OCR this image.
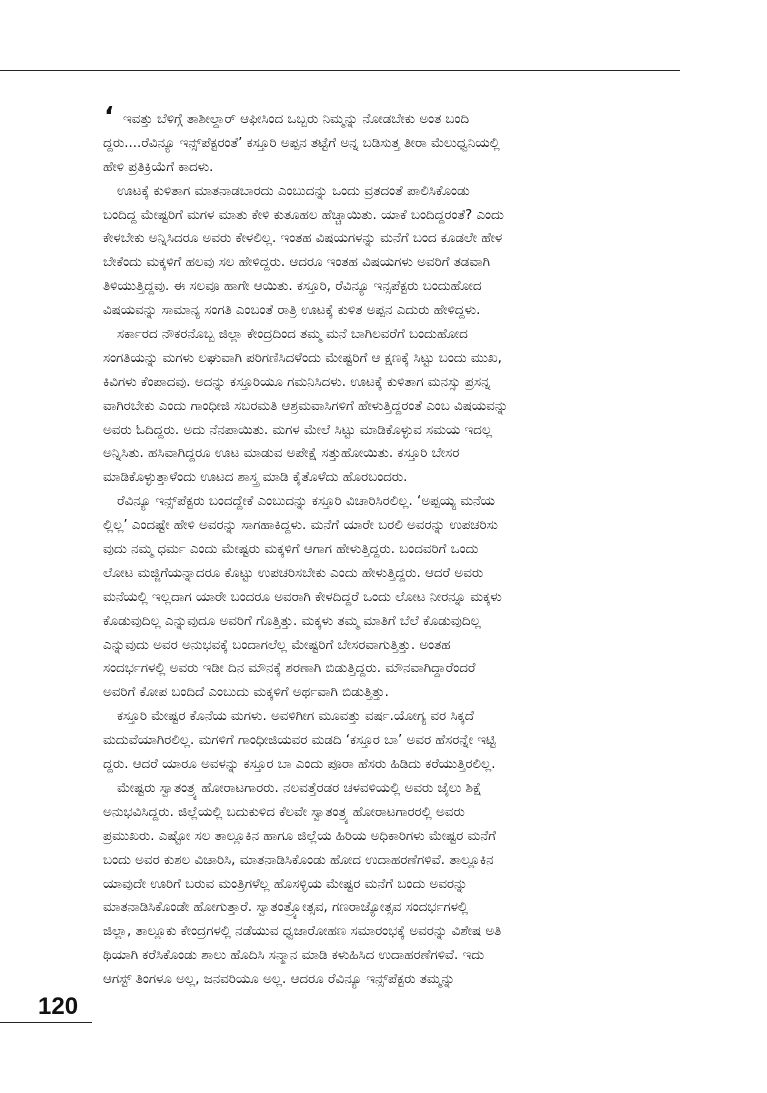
‘ ಇವತ್ತು ಬೆಳಿಗ್ಗೆ ತಾಶೀಲ್ದಾರ್ ಆಫೀಸಿಂದ ಒಬ್ಬರು ನಿಮ್ಮನ್ನು ನೋಡಬೇಕು ಅಂತ ಬಂದಿ
ದ್ದರು....ರೆವಿನ್ಯೂ ಇನ್ಸ್‌ಪೆಕ್ಟರಂತೆ’ ಕಸ್ತೂರಿ ಅಪ್ಪನ ತಟ್ಟೆಗೆ ಅನ್ನ ಬಡಿಸುತ್ತ ತೀರಾ ಮೆಲುಧ್ವನಿಯಲ್ಲಿ
ಹೇಳಿ ಪ್ರತಿಕ್ರಿಯೆಗೆ ಕಾದಳು.
ಊಟಕ್ಕೆ ಕುಳಿತಾಗ ಮಾತನಾಡಬಾರದು ಎಂಬುದನ್ನು ಒಂದು ವ್ರತದಂತೆ ಪಾಲಿಸಿಕೊಂಡು
ಬಂದಿದ್ದ ಮೇಷ್ಟರಿಗೆ ಮಗಳ ಮಾತು ಕೇಳಿ ಕುತೂಹಲ ಹೆಚ್ಚಾಯಿತು. ಯಾಕೆ ಬಂದಿದ್ದರಂತೆ? ಎಂದು
ಕೇಳಬೇಕು ಅನ್ನಿಸಿದರೂ ಅವರು ಕೇಳಲಿಲ್ಲ. ಇಂತಹ ವಿಷಯಗಳನ್ನು ಮನೆಗೆ ಬಂದ ಕೂಡಲೇ ಹೇಳ
ಬೇಕೆಂದು ಮಕ್ಕಳಿಗೆ ಹಲವು ಸಲ ಹೇಳಿದ್ದರು. ಆದರೂ ಇಂತಹ ವಿಷಯಗಳು ಅವರಿಗೆ ತಡವಾಗಿ
ತಿಳಿಯುತ್ತಿದ್ದವು. ಈ ಸಲವೂ ಹಾಗೇ ಆಯಿತು. ಕಸ್ತೂರಿ, ರೆವಿನ್ಯೂ ಇನ್ಸಪೆಕ್ಟರು ಬಂದುಹೋದ
ವಿಷಯವನ್ನು ಸಾಮಾನ್ಯ ಸಂಗತಿ ಎಂಬಂತೆ ರಾತ್ರಿ ಊಟಕ್ಕೆ ಕುಳಿತ ಅಪ್ಪನ ಎದುರು ಹೇಳಿದ್ದಳು.
ಸರ್ಕಾರದ ನೌಕರನೊಬ್ಬ ಜಿಲ್ಲಾ ಕೇಂದ್ರದಿಂದ ತಮ್ಮ ಮನೆ ಬಾಗಿಲವರೆಗೆ ಬಂದುಹೋದ
ಸಂಗತಿಯನ್ನು ಮಗಳು ಲಘುವಾಗಿ ಪರಿಗಣಿಸಿದಳೆಂದು ಮೇಷ್ಟರಿಗೆ ಆ ಕ್ಷಣಕ್ಕೆ ಸಿಟ್ಟು ಬಂದು ಮುಖ,
ಕಿವಿಗಳು ಕೆಂಪಾದವು. ಅದನ್ನು ಕಸ್ತೂರಿಯೂ ಗಮನಿಸಿದಳು. ಊಟಕ್ಕೆ ಕುಳಿತಾಗ ಮನಸ್ಸು ಪ್ರಸನ್ನ
ವಾಗಿರಬೇಕು ಎಂದು ಗಾಂಧೀಜಿ ಸಬರಮತಿ ಆಶ್ರಮವಾಸಿಗಳಿಗೆ ಹೇಳುತ್ತಿದ್ದರಂತೆ ಎಂಬ ವಿಷಯವನ್ನು
ಅವರು ಓದಿದ್ದರು. ಅದು ನೆನಪಾಯಿತು. ಮಗಳ ಮೇಲೆ ಸಿಟ್ಟು ಮಾಡಿಕೊಳ್ಳುವ ಸಮಯ ಇದಲ್ಲ
ಅನ್ನಿಸಿತು. ಹಸಿವಾಗಿದ್ದರೂ ಊಟ ಮಾಡುವ ಅಪೇಕ್ಷೆ ಸತ್ತುಹೋಯಿತು. ಕಸ್ತೂರಿ ಬೇಸರ
ಮಾಡಿಕೊಳ್ಳುತ್ತಾಳೆಂದು ಊಟದ ಶಾಸ್ತ್ರ ಮಾಡಿ ಕೈತೊಳೆದು ಹೊರಬಂದರು.
ರೆವಿನ್ಯೂ ಇನ್ಸ್‌ಪೆಕ್ಟರು ಬಂದದ್ದೇಕೆ ಎಂಬುದನ್ನು ಕಸ್ತೂರಿ ವಿಚಾರಿಸಿರಲಿಲ್ಲ. ‘ಅಪ್ಪಯ್ಯ ಮನೆಯ
ಲ್ಲಿಲ್ಲ’ ಎಂದಷ್ಟೇ ಹೇಳಿ ಅವರನ್ನು ಸಾಗಹಾಕಿದ್ದಳು. ಮನೆಗೆ ಯಾರೇ ಬರಲಿ ಅವರನ್ನು ಉಪಚರಿಸು
ವುದು ನಮ್ಮ ಧರ್ಮ ಎಂದು ಮೇಷ್ಟರು ಮಕ್ಕಳಿಗೆ ಆಗಾಗ ಹೇಳುತ್ತಿದ್ದರು. ಬಂದವರಿಗೆ ಒಂದು
ಲೋಟ ಮಜ್ಜಿಗೆಯನ್ನಾದರೂ ಕೊಟ್ಟು ಉಪಚರಿಸಬೇಕು ಎಂದು ಹೇಳುತ್ತಿದ್ದರು. ಆದರೆ ಅವರು
ಮನೆಯಲ್ಲಿ ಇಲ್ಲದಾಗ ಯಾರೇ ಬಂದರೂ ಅವರಾಗಿ ಕೇಳದಿದ್ದರೆ ಒಂದು ಲೋಟ ನೀರನ್ನೂ ಮಕ್ಕಳು
ಕೊಡುವುದಿಲ್ಲ ಎನ್ನುವುದೂ ಅವರಿಗೆ ಗೊತ್ತಿತ್ತು. ಮಕ್ಕಳು ತಮ್ಮ ಮಾತಿಗೆ ಬೆಲೆ ಕೊಡುವುದಿಲ್ಲ
ಎನ್ನುವುದು ಅವರ ಅನುಭವಕ್ಕೆ ಬಂದಾಗಲೆಲ್ಲ ಮೇಷ್ಟರಿಗೆ ಬೇಸರವಾಗುತ್ತಿತ್ತು. ಅಂತಹ
ಸಂದರ್ಭಗಳಲ್ಲಿ ಅವರು ಇಡೀ ದಿನ ಮೌನಕ್ಕೆ ಶರಣಾಗಿ ಬಿಡುತ್ತಿದ್ದರು. ಮೌನವಾಗಿದ್ದಾರೆಂದರೆ
ಅವರಿಗೆ ಕೋಪ ಬಂದಿದೆ ಎಂಬುದು ಮಕ್ಕಳಿಗೆ ಅರ್ಥವಾಗಿ ಬಿಡುತ್ತಿತ್ತು.
ಕಸ್ತೂರಿ ಮೇಷ್ಟರ ಕೊನೆಯ ಮಗಳು. ಅವಳಿಗೀಗ ಮೂವತ್ತು ವರ್ಷ.ಯೋಗ್ಯ ವರ ಸಿಕ್ಕದೆ
ಮದುವೆಯಾಗಿರಲಿಲ್ಲ. ಮಗಳಿಗೆ ಗಾಂಧೀಜಿಯವರ ಮಡದಿ ‘ಕಸ್ತೂರ ಬಾ’ ಅವರ ಹೆಸರನ್ನೇ ಇಟ್ಟಿ
ದ್ದರು. ಆದರೆ ಯಾರೂ ಅವಳನ್ನು ಕಸ್ತೂರ ಬಾ ಎಂದು ಪೂರಾ ಹೆಸರು ಹಿಡಿದು ಕರೆಯುತ್ತಿರಲಿಲ್ಲ.
ಮೇಷ್ಟರು ಸ್ವಾತಂತ್ರ್ಯ ಹೋರಾಟಗಾರರು. ನಲವತ್ತೆರಡರ ಚಳವಳಿಯಲ್ಲಿ ಅವರು ಜೈಲು ಶಿಕ್ಷೆ
ಅನುಭವಿಸಿದ್ದರು. ಜಿಲ್ಲೆಯಲ್ಲಿ ಬದುಕುಳಿದ ಕೆಲವೇ ಸ್ವಾತಂತ್ರ್ಯ ಹೋರಾಟಗಾರರಲ್ಲಿ ಅವರು
ಪ್ರಮುಖರು. ಎಷ್ಟೋ ಸಲ ತಾಲ್ಲೂಕಿನ ಹಾಗೂ ಜಿಲ್ಲೆಯ ಹಿರಿಯ ಅಧಿಕಾರಿಗಳು ಮೇಷ್ಟರ ಮನೆಗೆ
ಬಂದು ಅವರ ಕುಶಲ ವಿಚಾರಿಸಿ, ಮಾತನಾಡಿಸಿಕೊಂಡು ಹೋದ ಉದಾಹರಣೆಗಳಿವೆ. ತಾಲ್ಲೂಕಿನ
ಯಾವುದೇ ಊರಿಗೆ ಬರುವ ಮಂತ್ರಿಗಳೆಲ್ಲ ಹೊಸಳ್ಳಿಯ ಮೇಷ್ಟರ ಮನೆಗೆ ಬಂದು ಅವರನ್ನು
ಮಾತನಾಡಿಸಿಕೊಂಡೇ ಹೋಗುತ್ತಾರೆ. ಸ್ವಾತಂತ್ರ್ಯೋತ್ಸವ, ಗಣರಾಜ್ಯೋತ್ಸವ ಸಂದರ್ಭಗಳಲ್ಲಿ
ಜಿಲ್ಲಾ, ತಾಲ್ಲೂಕು ಕೇಂದ್ರಗಳಲ್ಲಿ ನಡೆಯುವ ಧ್ವಜಾರೋಹಣ ಸಮಾರಂಭಕ್ಕೆ ಅವರನ್ನು ವಿಶೇಷ ಅತಿ
ಥಿಯಾಗಿ ಕರೆಸಿಕೊಂಡು ಶಾಲು ಹೊದಿಸಿ ಸನ್ಮಾನ ಮಾಡಿ ಕಳುಹಿಸಿದ ಉದಾಹರಣೆಗಳಿವೆ. ಇದು
ಆಗಸ್ಟ್ ತಿಂಗಳೂ ಅಲ್ಲ, ಜನವರಿಯೂ ಅಲ್ಲ. ಆದರೂ ರೆವಿನ್ಯೂ ಇನ್ಸ್‌ಪೆಕ್ಟರು ತಮ್ಮನ್ನು
120
